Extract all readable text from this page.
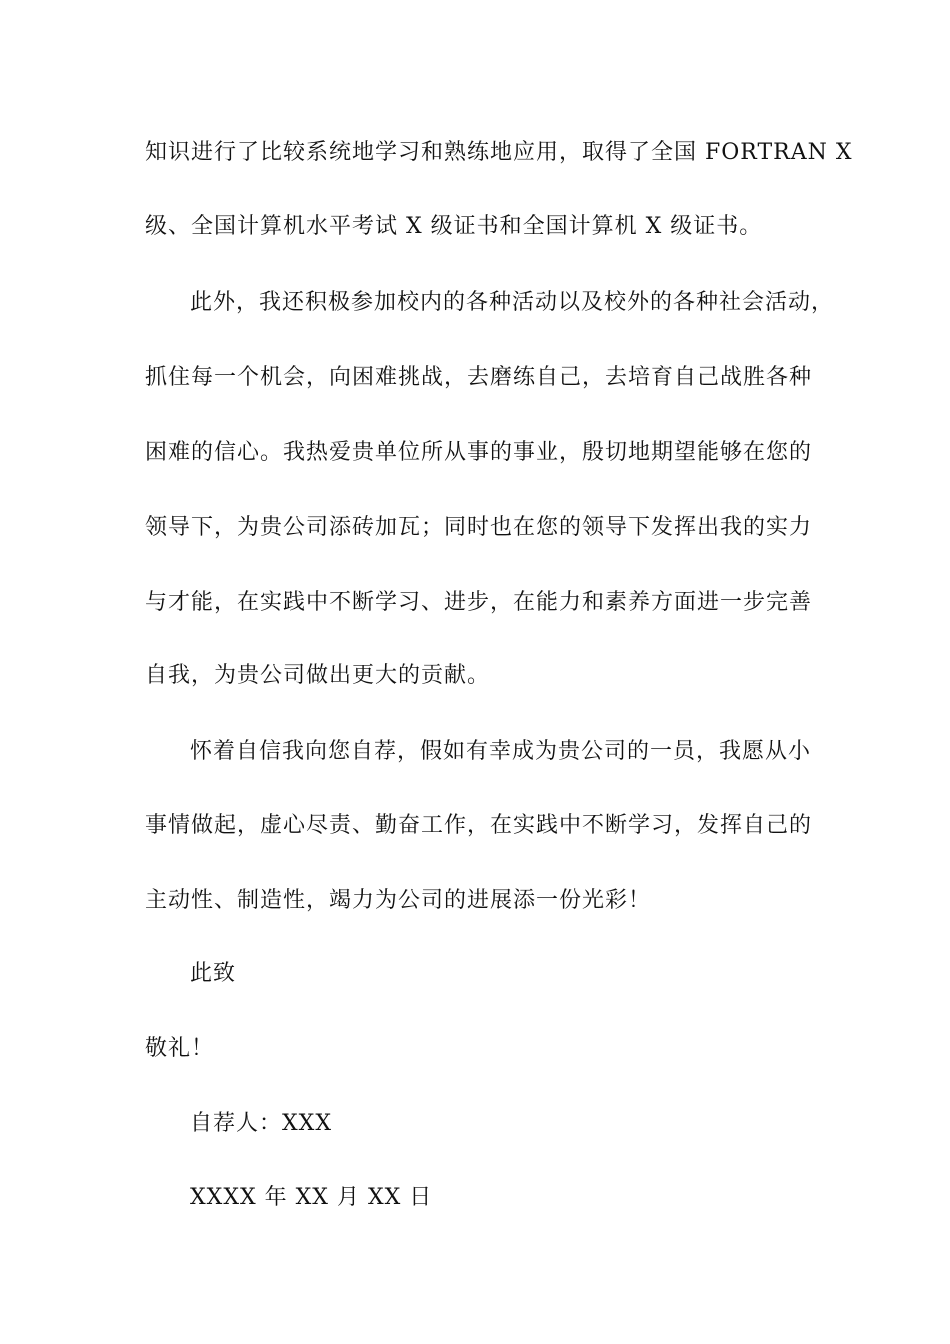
知识进行了比较系统地学习和熟练地应用，取得了全国 FORTRAN X
级、全国计算机水平考试 X 级证书和全国计算机 X 级证书。
此外，我还积极参加校内的各种活动以及校外的各种社会活动，
抓住每一个机会，向困难挑战，去磨练自己，去培育自己战胜各种
困难的信心。我热爱贵单位所从事的事业，殷切地期望能够在您的
领导下，为贵公司添砖加瓦；同时也在您的领导下发挥出我的实力
与才能，在实践中不断学习、进步，在能力和素养方面进一步完善
自我，为贵公司做出更大的贡献。
怀着自信我向您自荐，假如有幸成为贵公司的一员，我愿从小
事情做起，虚心尽责、勤奋工作，在实践中不断学习，发挥自己的
主动性、制造性，竭力为公司的进展添一份光彩！
此致
敬礼！
自荐人：XXX
XXXX 年 XX 月 XX 日
